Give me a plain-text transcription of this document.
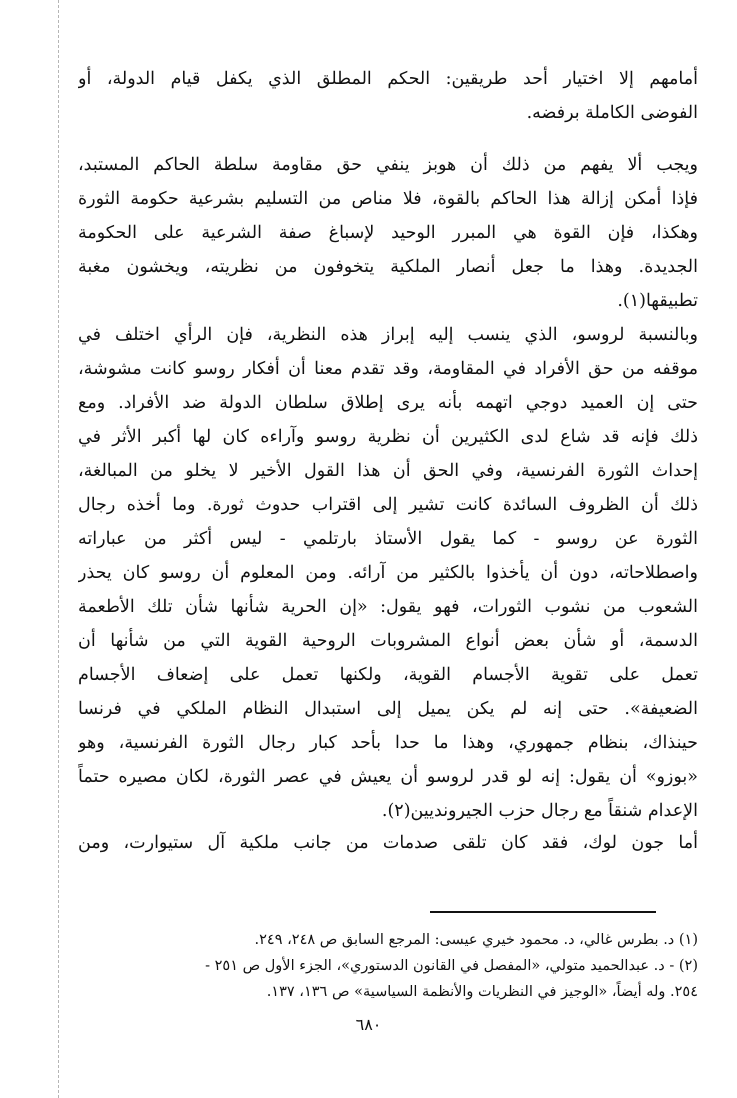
أمامهم إلا اختيار أحد طريقين: الحكم المطلق الذي يكفل قيام الدولة، أو
الفوضى الكاملة برفضه.
ويجب ألا يفهم من ذلك أن هوبز ينفي حق مقاومة سلطة الحاكم المستبد،
فإذا أمكن إزالة هذا الحاكم بالقوة، فلا مناص من التسليم بشرعية حكومة الثورة
وهكذا، فإن القوة هي المبرر الوحيد لإسباغ صفة الشرعية على الحكومة
الجديدة. وهذا ما جعل أنصار الملكية يتخوفون من نظريته، ويخشون مغبة
تطبيقها(١).
وبالنسبة لروسو، الذي ينسب إليه إبراز هذه النظرية، فإن الرأي اختلف في
موقفه من حق الأفراد في المقاومة، وقد تقدم معنا أن أفكار روسو كانت مشوشة،
حتى إن العميد دوجي اتهمه بأنه يرى إطلاق سلطان الدولة ضد الأفراد. ومع
ذلك فإنه قد شاع لدى الكثيرين أن نظرية روسو وآراءه كان لها أكبر الأثر في
إحداث الثورة الفرنسية، وفي الحق أن هذا القول الأخير لا يخلو من المبالغة،
ذلك أن الظروف السائدة كانت تشير إلى اقتراب حدوث ثورة. وما أخذه رجال
الثورة عن روسو - كما يقول الأستاذ بارتلمي - ليس أكثر من عباراته
واصطلاحاته، دون أن يأخذوا بالكثير من آرائه. ومن المعلوم أن روسو كان يحذر
الشعوب من نشوب الثورات، فهو يقول: «إن الحرية شأنها شأن تلك الأطعمة
الدسمة، أو شأن بعض أنواع المشروبات الروحية القوية التي من شأنها أن
تعمل على تقوية الأجسام القوية، ولكنها تعمل على إضعاف الأجسام
الضعيفة». حتى إنه لم يكن يميل إلى استبدال النظام الملكي في فرنسا
حينذاك، بنظام جمهوري، وهذا ما حدا بأحد كبار رجال الثورة الفرنسية، وهو
«بوزو» أن يقول: إنه لو قدر لروسو أن يعيش في عصر الثورة، لكان مصيره حتماً
الإعدام شنقاً مع رجال حزب الجيرونديين(٢).
أما جون لوك، فقد كان تلقى صدمات من جانب ملكية آل ستيوارت، ومن
(١) د. بطرس غالي، د. محمود خيري عيسى: المرجع السابق ص ٢٤٨، ٢٤٩.
(٢) - د. عبدالحميد متولي، «المفصل في القانون الدستوري»، الجزء الأول ص ٢٥١ -
٢٥٤. وله أيضاً، «الوجيز في النظريات والأنظمة السياسية» ص ١٣٦، ١٣٧.
٦٨٠
